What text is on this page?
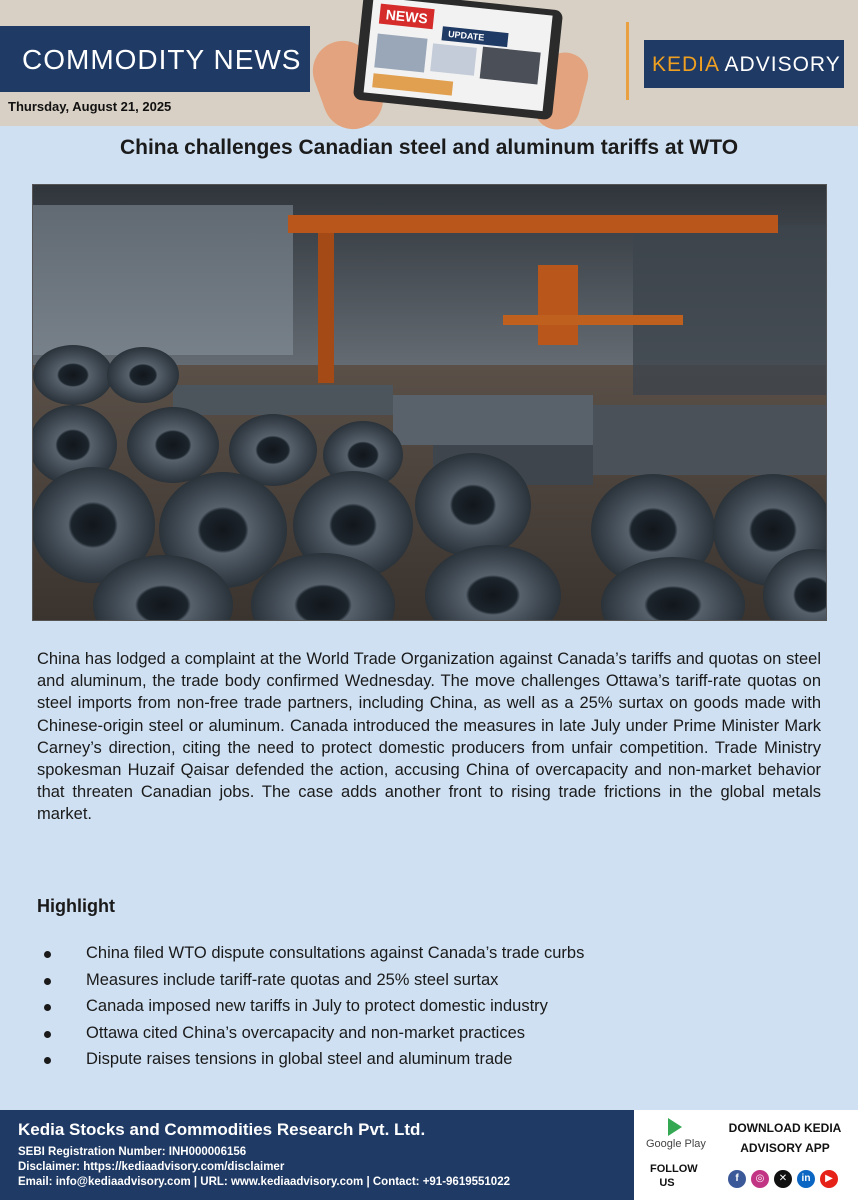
COMMODITY NEWS
Thursday, August 21, 2025
NEWS
UPDATE
KEDIA ADVISORY
China challenges Canadian steel and aluminum tariffs at WTO
China has lodged a complaint at the World Trade Organization against Canada’s tariffs and quotas on steel and aluminum, the trade body confirmed Wednesday. The move challenges Ottawa’s tariff-rate quotas on steel imports from non-free trade partners, including China, as well as a 25% surtax on goods made with Chinese-origin steel or aluminum. Canada introduced the measures in late July under Prime Minister Mark Carney’s direction, citing the need to protect domestic producers from unfair competition. Trade Ministry spokesman Huzaif Qaisar defended the action, accusing China of overcapacity and non-market behavior that threaten Canadian jobs. The case adds another front to rising trade frictions in the global metals market.
Highlight
China filed WTO dispute consultations against Canada’s trade curbs
Measures include tariff-rate quotas and 25% steel surtax
Canada imposed new tariffs in July to protect domestic industry
Ottawa cited China’s overcapacity and non-market practices
Dispute raises tensions in global steel and aluminum trade
Kedia Stocks and Commodities Research Pvt. Ltd.
SEBI Registration Number: INH000006156
Disclaimer: https://kediaadvisory.com/disclaimer
Email: info@kediaadvisory.com | URL: www.kediaadvisory.com | Contact: +91-9619551022
Google Play
FOLLOW US
DOWNLOAD KEDIA ADVISORY APP
f	◎	✕	in	▶
